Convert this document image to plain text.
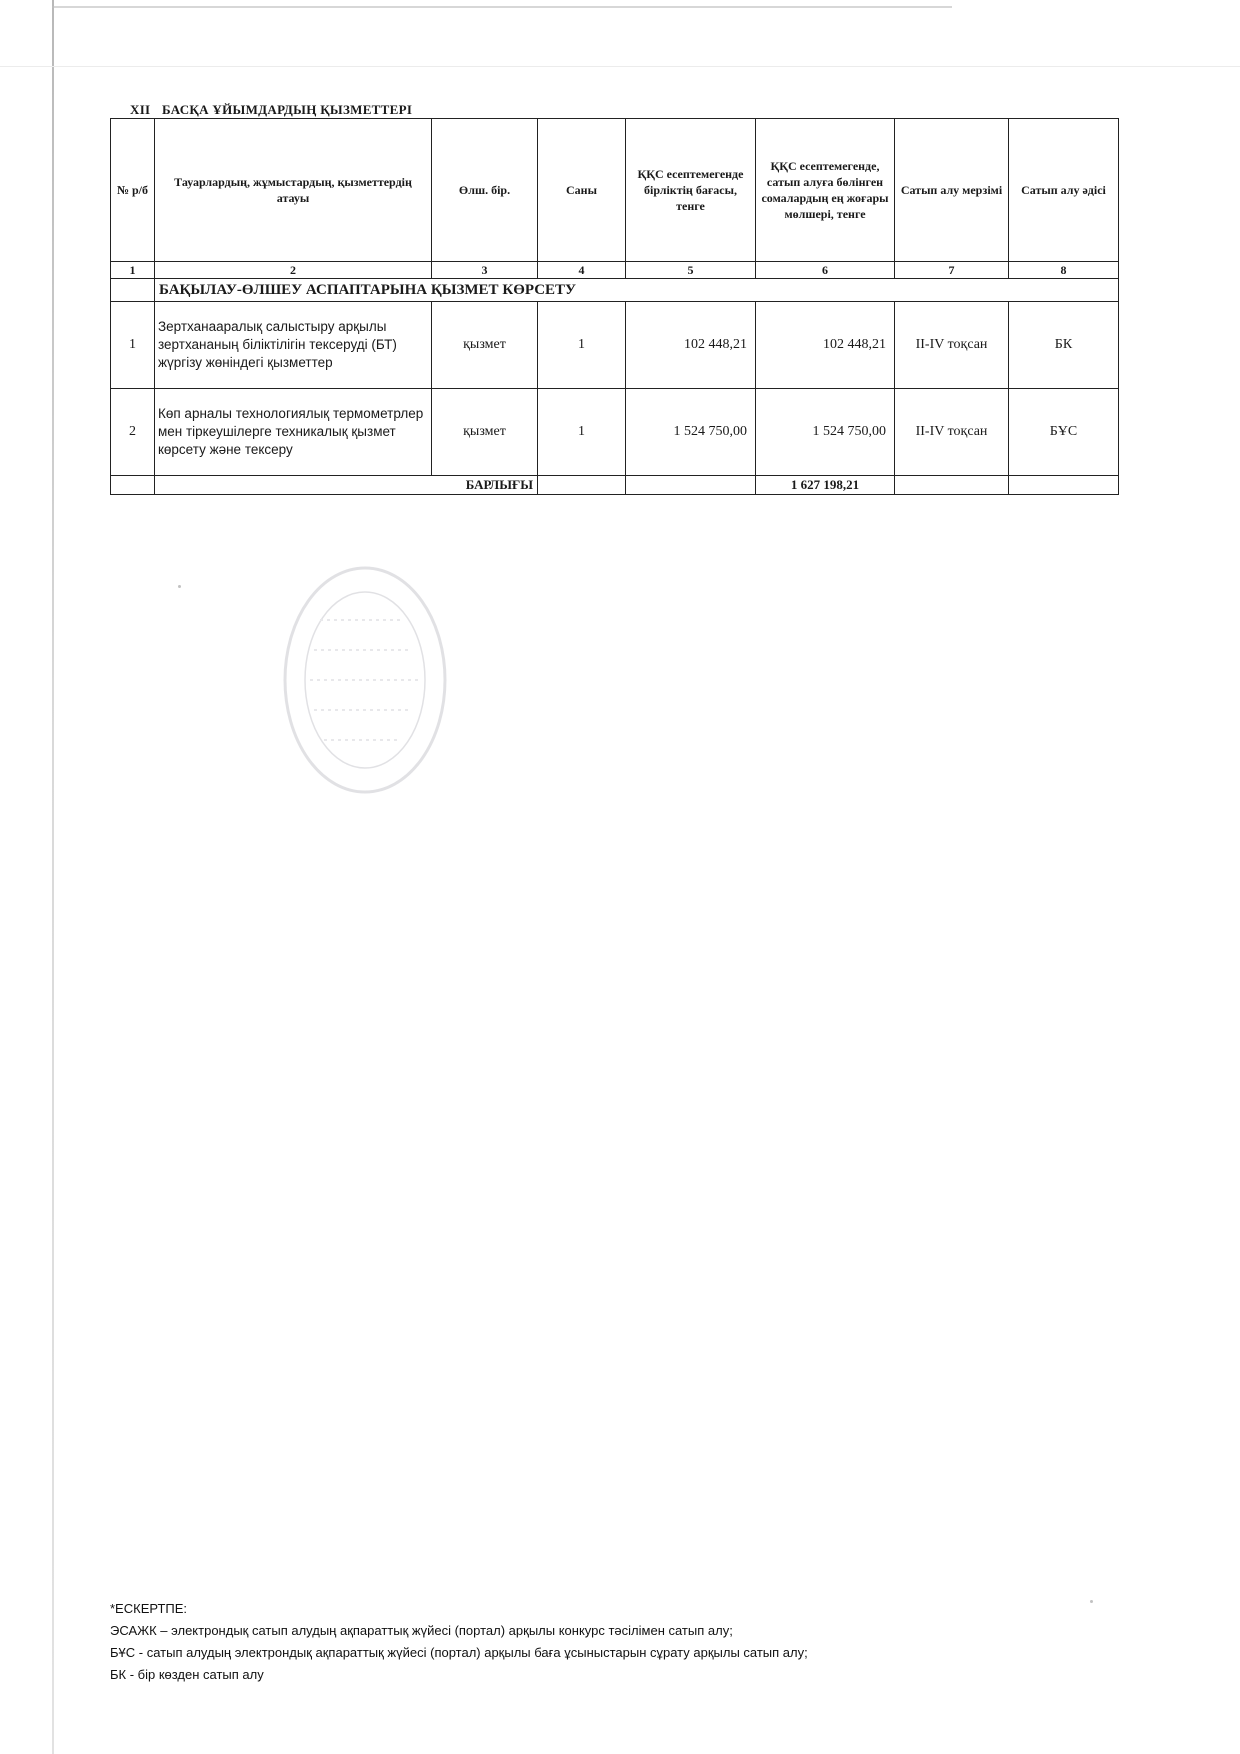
XII БАСҚА ҰЙЫМДАРДЫҢ ҚЫЗМЕТТЕРІ
№ р/б	Тауарлардың, жұмыстардың, қызметтердің атауы	Өлш. бір.	Саны	ҚҚС есептемегенде бірліктің бағасы, тенге	ҚҚС есептемегенде, сатып алуға бөлінген сомалардың ең жоғары мөлшері, тенге	Сатып алу мерзімі	Сатып алу әдісі
1	2	3	4	5	6	7	8
	БАҚЫЛАУ-ӨЛШЕУ АСПАПТАРЫНА ҚЫЗМЕТ КӨРСЕТУ						
1	Зертханааралық салыстыру арқылы зертхананың біліктілігін тексеруді (БТ) жүргізу жөніндегі қызметтер	қызмет	1	102 448,21	102 448,21	II-IV тоқсан	БК
2	Көп арналы технологиялық термометрлер мен тіркеушілерге техникалық қызмет көрсету және тексеру	қызмет	1	1 524 750,00	1 524 750,00	II-IV тоқсан	БҰС
	БАРЛЫҒЫ				1 627 198,21		
*ЕСКЕРТПЕ:
ЭСАЖК – электрондық сатып алудың ақпараттық жүйесі (портал) арқылы конкурс тәсілімен сатып алу;
БҰС - сатып алудың электрондық ақпараттық жүйесі (портал) арқылы баға ұсыныстарын сұрату арқылы сатып алу;
БК - бір көзден сатып алу
